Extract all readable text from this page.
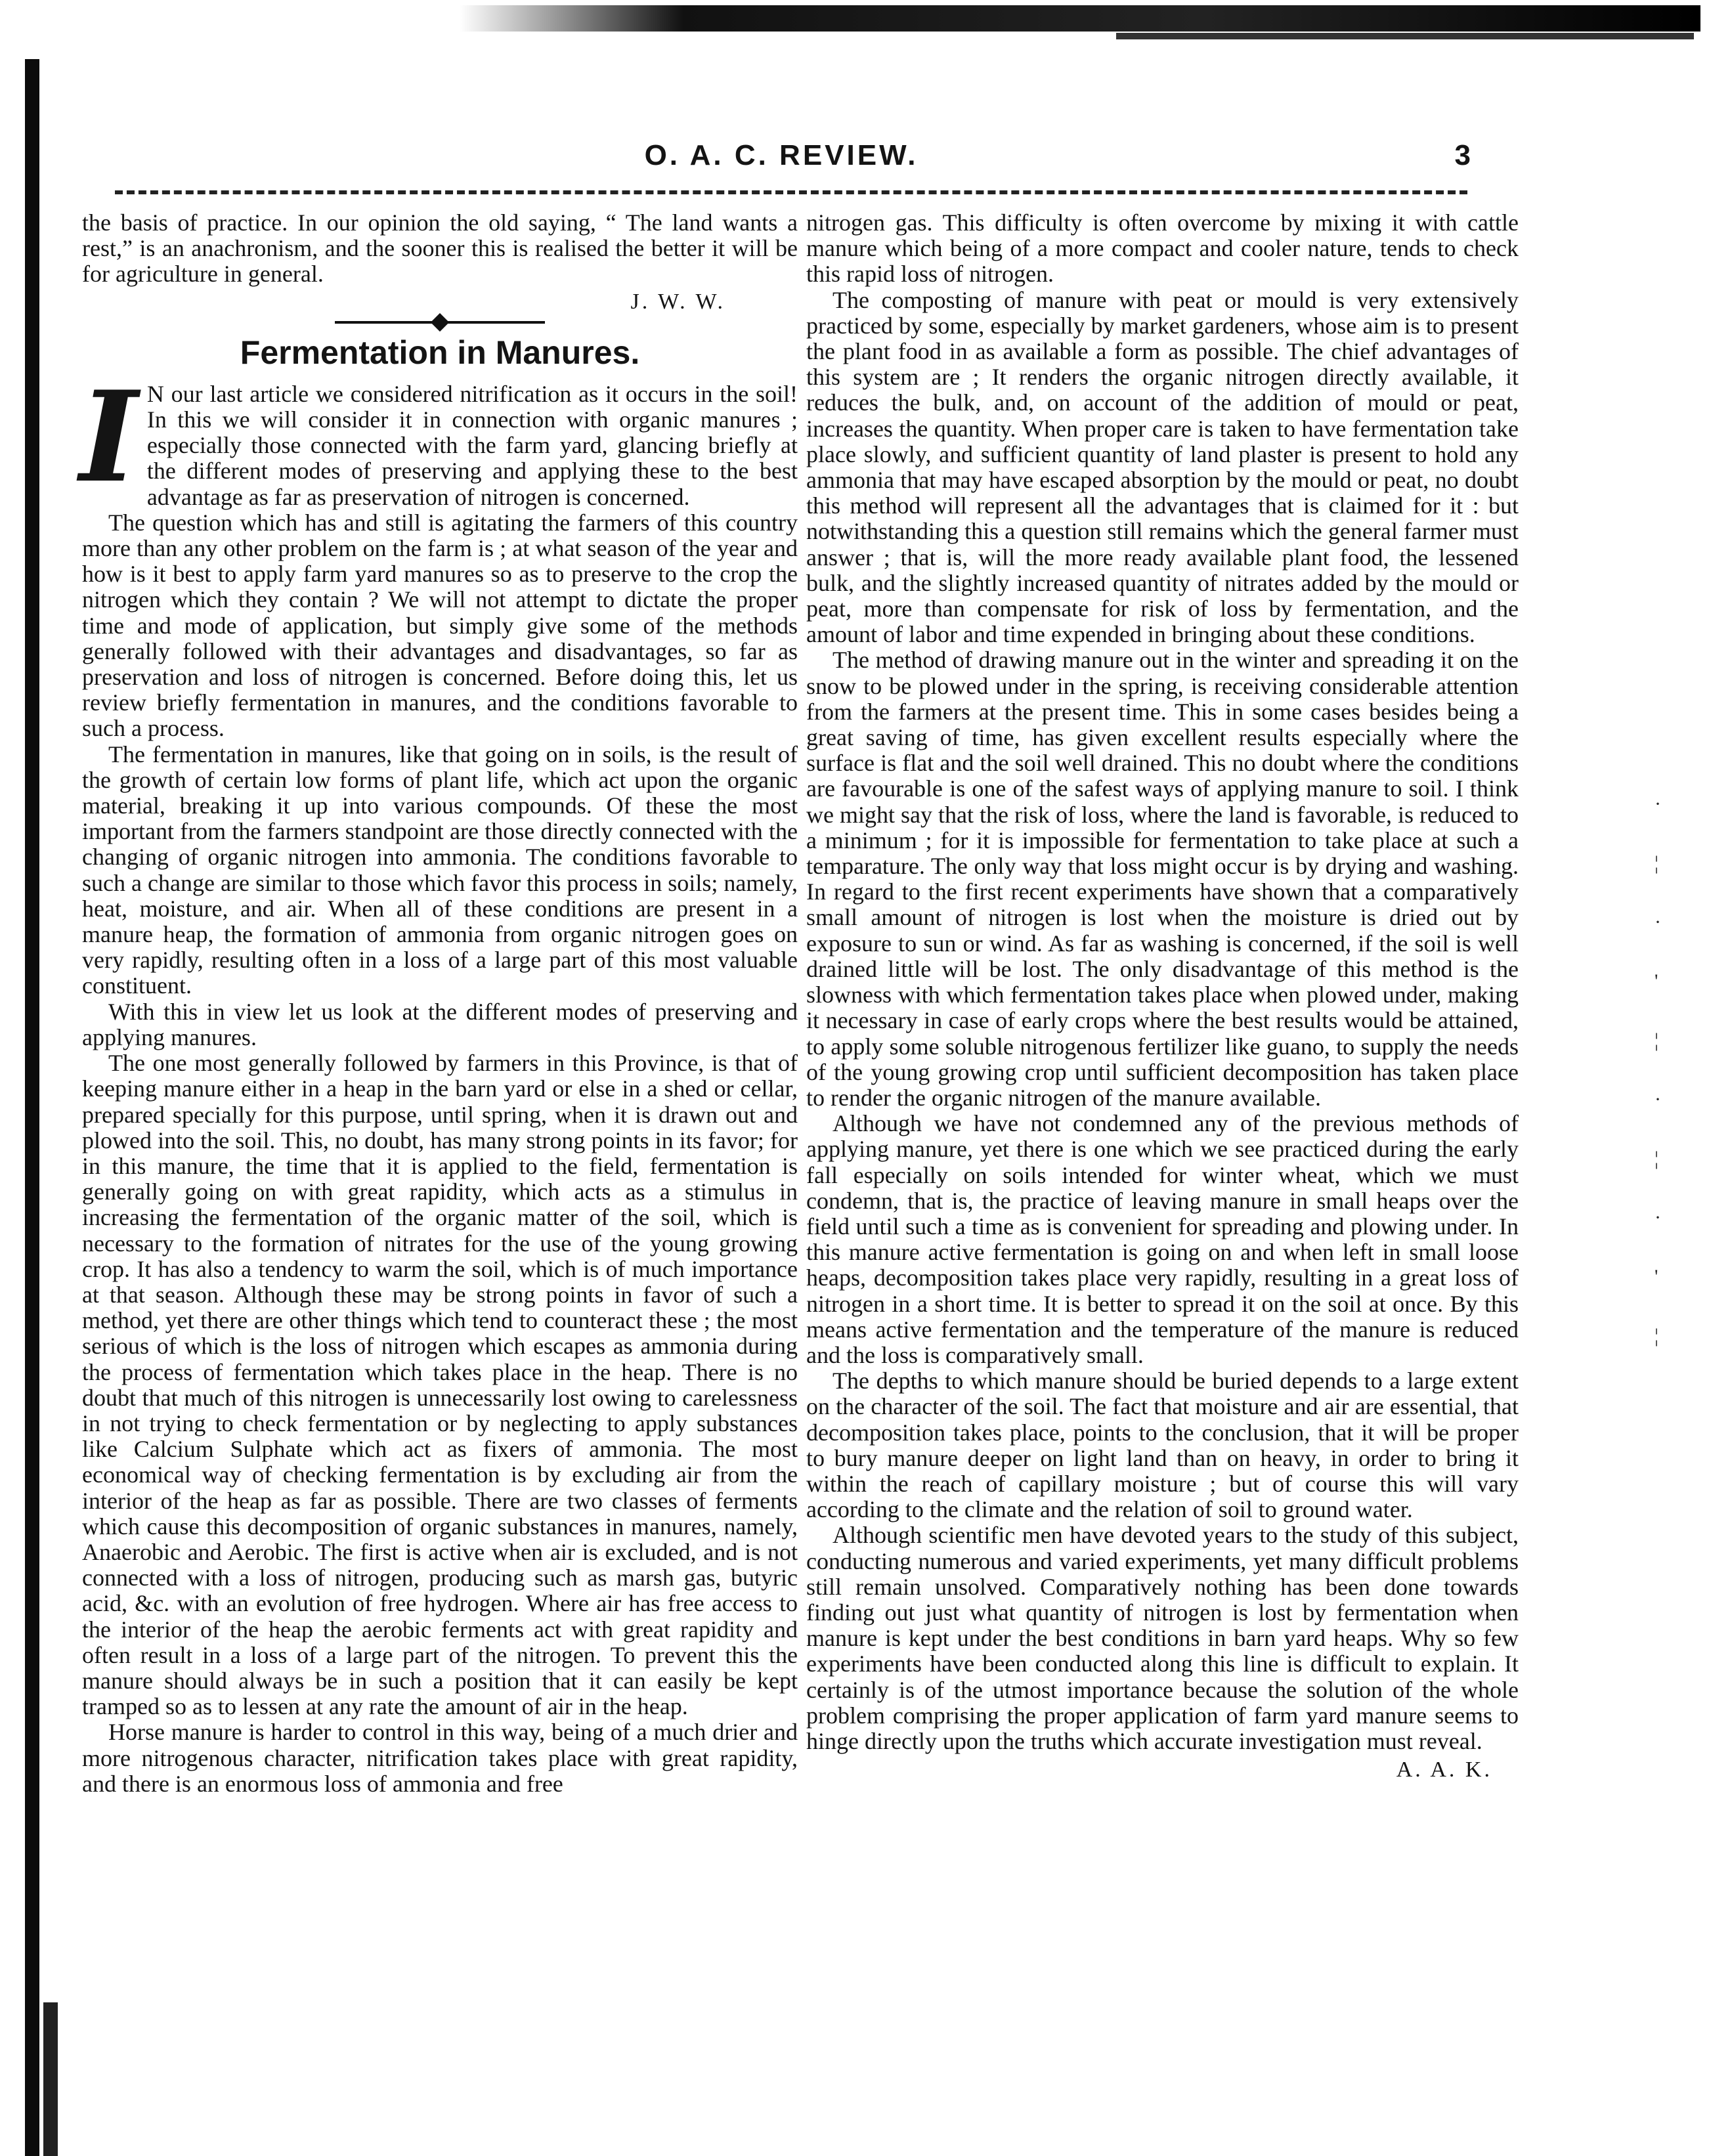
O. A. C. REVIEW.	3

the basis of practice. In our opinion the old saying, “ The land wants a rest,” is an anachronism, and the sooner this is realised the better it will be for agriculture in general.

J. W. W.
Fermentation in Manures.

I N our last article we considered nitrification as it occurs in the soil! In this we will consider it in connection with organic manures ; especially those connected with the farm yard, glancing briefly at the different modes of preserving and applying these to the best advantage as far as preservation of nitrogen is concerned.

The question which has and still is agitating the farmers of this country more than any other problem on the farm is ; at what season of the year and how is it best to apply farm yard manures so as to preserve to the crop the nitrogen which they contain ? We will not attempt to dictate the proper time and mode of application, but simply give some of the methods generally followed with their advantages and disadvantages, so far as preservation and loss of nitrogen is concerned. Before doing this, let us review briefly fermentation in manures, and the conditions favorable to such a process.

The fermentation in manures, like that going on in soils, is the result of the growth of certain low forms of plant life, which act upon the organic material, breaking it up into various compounds. Of these the most important from the farmers standpoint are those directly connected with the changing of organic nitrogen into ammonia. The conditions favorable to such a change are similar to those which favor this process in soils; namely, heat, moisture, and air. When all of these conditions are present in a manure heap, the formation of ammonia from organic nitrogen goes on very rapidly, resulting often in a loss of a large part of this most valuable constituent.

With this in view let us look at the different modes of preserving and applying manures.

The one most generally followed by farmers in this Province, is that of keeping manure either in a heap in the barn yard or else in a shed or cellar, prepared specially for this purpose, until spring, when it is drawn out and plowed into the soil. This, no doubt, has many strong points in its favor; for in this manure, the time that it is applied to the field, fermentation is generally going on with great rapidity, which acts as a stimulus in increasing the fermentation of the organic matter of the soil, which is necessary to the formation of nitrates for the use of the young growing crop. It has also a tendency to warm the soil, which is of much importance at that season. Although these may be strong points in favor of such a method, yet there are other things which tend to counteract these ; the most serious of which is the loss of nitrogen which escapes as ammonia during the process of fermentation which takes place in the heap. There is no doubt that much of this nitrogen is unnecessarily lost owing to carelessness in not trying to check fermentation or by neglecting to apply substances like Calcium Sulphate which act as fixers of ammonia. The most economical way of checking fermentation is by excluding air from the interior of the heap as far as possible. There are two classes of ferments which cause this decomposition of organic substances in manures, namely, Anaerobic and Aerobic. The first is active when air is excluded, and is not connected with a loss of nitrogen, producing such as marsh gas, butyric acid, &c. with an evolution of free hydrogen. Where air has free access to the interior of the heap the aerobic ferments act with great rapidity and often result in a loss of a large part of the nitrogen. To prevent this the manure should always be in such a position that it can easily be kept tramped so as to lessen at any rate the amount of air in the heap.

Horse manure is harder to control in this way, being of a much drier and more nitrogenous character, nitrification takes place with great rapidity, and there is an enormous loss of ammonia and free

nitrogen gas. This difficulty is often overcome by mixing it with cattle manure which being of a more compact and cooler nature, tends to check this rapid loss of nitrogen.

The composting of manure with peat or mould is very extensively practiced by some, especially by market gardeners, whose aim is to present the plant food in as available a form as possible. The chief advantages of this system are ; It renders the organic nitrogen directly available, it reduces the bulk, and, on account of the addition of mould or peat, increases the quantity. When proper care is taken to have fermentation take place slowly, and sufficient quantity of land plaster is present to hold any ammonia that may have escaped absorption by the mould or peat, no doubt this method will represent all the advantages that is claimed for it : but notwithstanding this a question still remains which the general farmer must answer ; that is, will the more ready available plant food, the lessened bulk, and the slightly increased quantity of nitrates added by the mould or peat, more than compensate for risk of loss by fermentation, and the amount of labor and time expended in bringing about these conditions.

The method of drawing manure out in the winter and spreading it on the snow to be plowed under in the spring, is receiving considerable attention from the farmers at the present time. This in some cases besides being a great saving of time, has given excellent results especially where the surface is flat and the soil well drained. This no doubt where the conditions are favourable is one of the safest ways of applying manure to soil. I think we might say that the risk of loss, where the land is favorable, is reduced to a minimum ; for it is impossible for fermentation to take place at such a temparature. The only way that loss might occur is by drying and washing. In regard to the first recent experiments have shown that a comparatively small amount of nitrogen is lost when the moisture is dried out by exposure to sun or wind. As far as washing is concerned, if the soil is well drained little will be lost. The only disadvantage of this method is the slowness with which fermentation takes place when plowed under, making it necessary in case of early crops where the best results would be attained, to apply some soluble nitrogenous fertilizer like guano, to supply the needs of the young growing crop until sufficient decomposition has taken place to render the organic nitrogen of the manure available.

Although we have not condemned any of the previous methods of applying manure, yet there is one which we see practiced during the early fall especially on soils intended for winter wheat, which we must condemn, that is, the practice of leaving manure in small heaps over the field until such a time as is convenient for spreading and plowing under. In this manure active fermentation is going on and when left in small loose heaps, decomposition takes place very rapidly, resulting in a great loss of nitrogen in a short time. It is better to spread it on the soil at once. By this means active fermentation and the temperature of the manure is reduced and the loss is comparatively small.

The depths to which manure should be buried depends to a large extent on the character of the soil. The fact that moisture and air are essential, that decomposition takes place, points to the conclusion, that it will be proper to bury manure deeper on light land than on heavy, in order to bring it within the reach of capillary moisture ; but of course this will vary according to the climate and the relation of soil to ground water.

Although scientific men have devoted years to the study of this subject, conducting numerous and varied experiments, yet many difficult problems still remain unsolved. Comparatively nothing has been done towards finding out just what quantity of nitrogen is lost by fermentation when manure is kept under the best conditions in barn yard heaps. Why so few experiments have been conducted along this line is difficult to explain. It certainly is of the utmost importance because the solution of the whole problem comprising the proper application of farm yard manure seems to hinge directly upon the truths which accurate investigation must reveal.

A. A. K.
·
¦
·
'
¦
·
¦
·
'
¦
